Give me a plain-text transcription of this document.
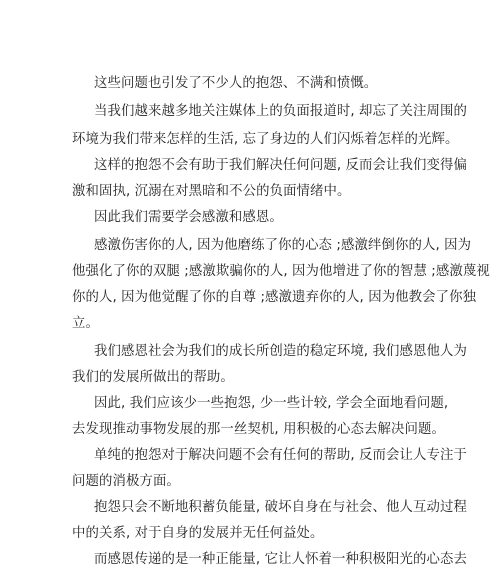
这些问题也引发了不少人的抱怨、不满和愤慨。
当我们越来越多地关注媒体上的负面报道时, 却忘了关注周围的
环境为我们带来怎样的生活, 忘了身边的人们闪烁着怎样的光辉。
这样的抱怨不会有助于我们解决任何问题, 反而会让我们变得偏
激和固执, 沉溺在对黑暗和不公的负面情绪中。
因此我们需要学会感激和感恩。
感激伤害你的人, 因为他磨练了你的心态 ;感激绊倒你的人, 因为
他强化了你的双腿 ;感激欺骗你的人, 因为他增进了你的智慧 ;感激蔑视
你的人, 因为他觉醒了你的自尊 ;感激遗弃你的人, 因为他教会了你独
立。
我们感恩社会为我们的成长所创造的稳定环境, 我们感恩他人为
我们的发展所做出的帮助。
因此, 我们应该少一些抱怨, 少一些计较, 学会全面地看问题,
去发现推动事物发展的那一丝契机, 用积极的心态去解决问题。
单纯的抱怨对于解决问题不会有任何的帮助, 反而会让人专注于
问题的消极方面。
抱怨只会不断地积蓄负能量, 破坏自身在与社会、他人互动过程
中的关系, 对于自身的发展并无任何益处。
而感恩传递的是一种正能量, 它让人怀着一种积极阳光的心态去
